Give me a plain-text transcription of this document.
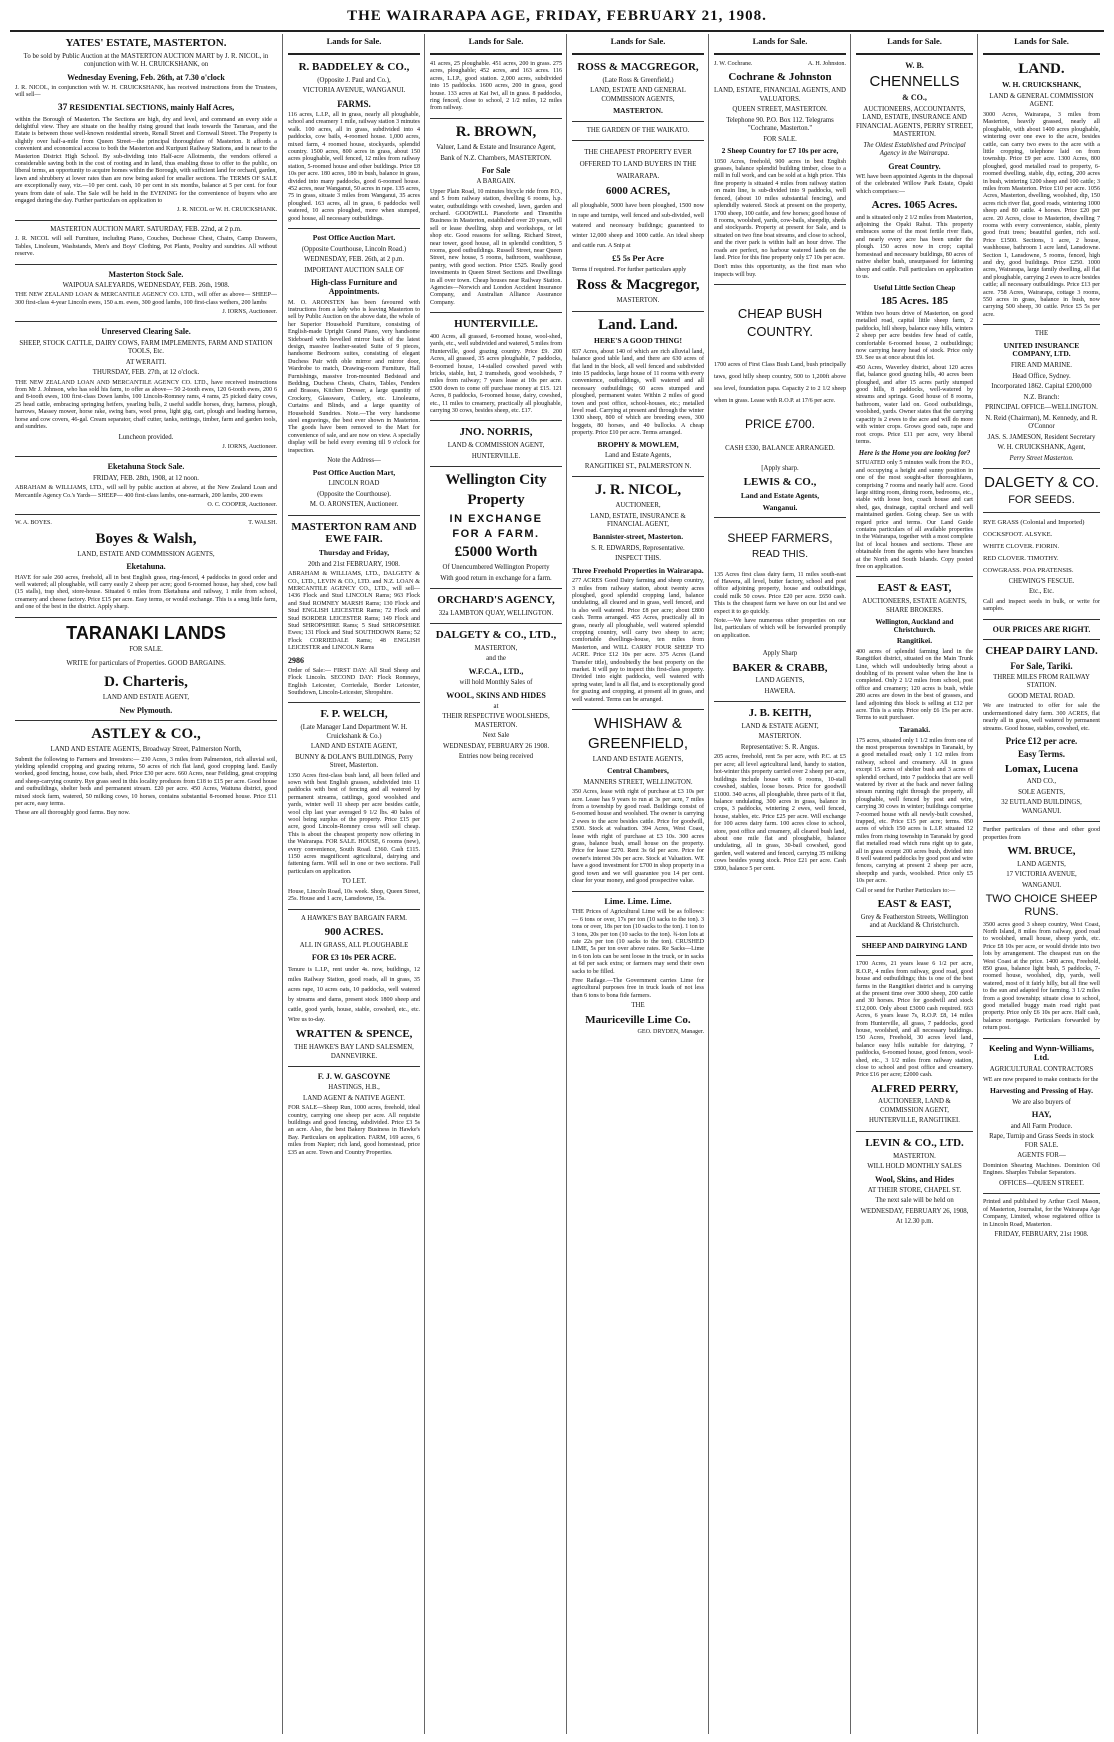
THE WAIRARAPA AGE, FRIDAY, FEBRUARY 21, 1908.
YATES' ESTATE, MASTERTON.
To be sold by Public Auction at the MASTERTON AUCTION MART by J. R. NICOL, in conjunction with W. H. CRUICKSHANK, on
Wednesday Evening, Feb. 26th, at 7.30 o'clock
J. R. NICOL, in conjunction with W. H. CRUICKSHANK, has received instructions from the Trustees, will sell—
37 RESIDENTIAL SECTIONS, mainly Half Acres,
within the Borough of Masterton. The Sections are high, dry and level, and command an every side a delightful view. They are situate on the healthy rising ground that leads towards the Tararuas, and the Estate is between those well-known residential streets, Renall Street and Cornwall Street. The Property is slightly over half-a-mile from Queen Street—the principal thoroughfare of Masterton. It affords a convenient and economical access to both the Masterton and Kuripuni Railway Stations, and is near to the Masterton District High School. By sub-dividing into Half-acre Allotments, the vendors offered a considerable saving both in the cost of rooting and in land, thus enabling those to offer to the public, on liberal terms, an opportunity to acquire homes within the Borough, with sufficient land for orchard, garden, lawn and shrubbery at lower rates than are now being asked for smaller sections. The TERMS OF SALE are exceptionally easy, viz.—10 per cent. cash, 10 per cent in six months, balance at 5 per cent. for four years from date of sale. The Sale will be held in the EVENING for the convenience of buyers who are engaged during the day. Further particulars on application to
J. R. NICOL or W. H. CRUICKSHANK.
MASTERTON AUCTION MART. SATURDAY, FEB. 22nd, at 2 p.m.
J. R. NICOL will sell Furniture, including Piano, Couches, Duchesse Chest, Chairs, Camp Drawers, Tables, Linoleum, Washstands, Men's and Boys' Clothing, Pot Plants, Poultry and sundries. All without reserve.
Masterton Stock Sale.
WAIPOUA SALEYARDS, WEDNESDAY, FEB. 26th, 1908.
THE NEW ZEALAND LOAN & MERCANTILE AGENCY CO. LTD., will offer as above— SHEEP— 300 first-class 4-year Lincoln ewes, 150 a.m. ewes, 300 good lambs, 100 first-class wethers, 200 lambs
J. IORNS, Auctioneer.
Unreserved Clearing Sale.
SHEEP, STOCK CATTLE, DAIRY COWS, FARM IMPLEMENTS, FARM AND STATION TOOLS, Etc.
AT WERAITI.
THURSDAY, FEB. 27th, at 12 o'clock.
THE NEW ZEALAND LOAN AND MERCANTILE AGENCY CO. LTD., have received instructions from Mr J. Johnson, who has sold his farm, to offer as above— 50 2-tooth ewes, 120 6-tooth ewes, 200 6 and 8-tooth ewes, 100 first-class Down lambs, 100 Lincoln-Romney rams, 4 rams, 25 picked dairy cows, 25 head cattle, embracing springing heifers, yearling bulls, 2 useful saddle horses, dray, harness, plough, harrows, Massey mower, horse rake, swing bars, wool press, light gig, cart, plough and leading harness, horse and cow covers, 46-gal. Cream separator, chaff cutter, tanks, nettings, timber, farm and garden tools, and sundries.
Luncheon provided.
J. IORNS, Auctioneer.
Eketahuna Stock Sale.
FRIDAY, FEB. 28th, 1908, at 12 noon.
ABRAHAM & WILLIAMS, LTD., will sell by public auction at above, at the New Zealand Loan and Mercantile Agency Co.'s Yards— SHEEP— 400 first-class lambs, one-earmark, 200 lambs, 200 ewes
O. C. COOPER, Auctioneer.
W. A. BOYES.	T. WALSH.
Boyes & Walsh,
LAND, ESTATE AND COMMISSION AGENTS,
Eketahuna.
HAVE for sale 260 acres, freehold, all in best English grass, ring-fenced, 4 paddocks in good order and well watered; all ploughable, will carry easily 2 sheep per acre; good 6-roomed house, hay shed, cow bail (15 stalls), trap shed, store-house. Situated 6 miles from Eketahuna and railway, 1 mile from school, creamery and cheese factory. Price £15 per acre. Easy terms, or would exchange. This is a snug little farm, and one of the best in the district. Apply sharp.
TARANAKI LANDS
FOR SALE.
WRITE for particulars of Properties. GOOD BARGAINS.
D. Charteris,
LAND AND ESTATE AGENT,
New Plymouth.
ASTLEY & CO.,
LAND AND ESTATE AGENTS, Broadway Street, Palmerston North,
Submit the following to Farmers and Investors:— 230 Acres, 3 miles from Palmerston, rich alluvial soil, yielding splendid cropping and grazing returns, 50 acres of rich flat land, good cropping land. Easily worked, good fencing, house, cow bails, shed. Price £30 per acre. 660 Acres, near Feilding, great cropping and sheep-carrying country. Rye grass seed in this locality produces from £18 to £15 per acre. Good house and outbuildings, shelter beds and permanent stream. £20 per acre. 450 Acres, Waituna district, good mixed stock farm, watered, 50 milking cows, 10 horses, contains substantial 8-roomed house. Price £11 per acre, easy terms.
These are all thoroughly good farms. Buy now.
Lands for Sale.
R. BADDELEY & CO.,
(Opposite J. Paul and Co.),
VICTORIA AVENUE, WANGANUI.
FARMS.
116 acres, L.I.P., all in grass, nearly all ploughable, school and creamery 1 mile, railway station 3 minutes walk. 100 acres, all in grass, subdivided into 4 paddocks, cow bails, 4-roomed house. 1,000 acres, mixed farm, 4 roomed house, stockyards, splendid country. 1500 acres, 800 acres in grass, about 150 acres ploughable, well fenced, 12 miles from railway station, 5-roomed house and other buildings. Price £8 10s per acre. 180 acres, 180 in bush, balance in grass, divided into many paddocks, good 6-roomed house. 452 acres, near Wanganui, 50 acres in rape. 135 acres, 75 in grass, situate 3 miles from Wanganui, 35 acres ploughed. 163 acres, all in grass, 6 paddocks well watered, 10 acres ploughed, more when stumped, good house, all necessary outbuildings.
Post Office Auction Mart.
(Opposite Courthouse, Lincoln Road.)
WEDNESDAY, FEB. 26th, at 2 p.m.
IMPORTANT AUCTION SALE OF
High-class Furniture and Appointments.
M. O. ARONSTEN has been favoured with instructions from a lady who is leaving Masterton to sell by Public Auction on the above date, the whole of her Superior Household Furniture, consisting of English-made Upright Grand Piano, very handsome Sideboard with bevelled mirror back of the latest design, massive leather-seated Suite of 9 pieces, handsome Bedroom suites, consisting of elegant Duchess Pair with oble mirror and mirror door, Wardrobe to match, Drawing-room Furniture, Hall Furnishings, massive Iron-mounted Bedstead and Bedding, Duchess Chests, Chairs, Tables, Fenders and Brasses, Kitchen Dresser, a large quantity of Crockery, Glassware, Cutlery, etc. Linoleums, Curtains and Blinds, and a large quantity of Household Sundries. Note.—The very handsome steel engravings, the best ever shown in Masterton. The goods have been removed to the Mart for convenience of sale, and are now on view. A specially display will be held every evening till 9 o'clock for inspection.
Note the Address—
Post Office Auction Mart,
LINCOLN ROAD
(Opposite the Courthouse).
M. O. ARONSTEN, Auctioneer.
MASTERTON RAM AND EWE FAIR.
Thursday and Friday,
20th and 21st FEBRUARY, 1908.
ABRAHAM & WILLIAMS, LTD., DALGETY & CO., LTD., LEVIN & CO., LTD. and N.Z. LOAN & MERCANTILE AGENCY CO., LTD., will sell— 1436 Flock and Stud LINCOLN Rams; 963 Flock and Stud ROMNEY MARSH Rams; 130 Flock and Stud ENGLISH LEICESTER Rams; 72 Flock and Stud BORDER LEICESTER Rams; 149 Flock and Stud SHROPSHIRE Rams; 5 Stud SHROPSHIRE Ewes; 131 Flock and Stud SOUTHDOWN Rams; 52 Flock CORRIEDALE Rams; 48 ENGLISH LEICESTER and LINCOLN Rams
2986
Order of Sale:— FIRST DAY: All Stud Sheep and Flock Lincoln. SECOND DAY: Flock Romneys, English Leicester, Corriedale, Border Leicester, Southdown, Lincoln-Leicester, Shropshire.
F. P. WELCH,
(Late Manager Land Department W. H. Cruickshank & Co.)
LAND AND ESTATE AGENT,
BUNNY & DOLAN'S BUILDINGS, Perry Street, Masterton.
1350 Acres first-class bush land, all been felled and sown with best English grasses, subdivided into 11 paddocks with best of fencing and all watered by permanent streams, cattlings, good woolshed and yards, winter well 11 sheep per acre besides cattle, wool clip last year averaged 9 1/2 lbs. 40 bales of wool being surplus of the property. Price £15 per acre, good Lincoln-Romney cross will sell cheap. This is about the cheapest property now offering in the Wairarapa. FOR SALE. HOUSE, 6 rooms (new), every convenience, South Road. £360. Cash £115. 1150 acres magnificent agricultural, dairying and fattening farm. Will sell in one or two sections. Full particulars on application.
TO LET.
House, Lincoln Road, 10s week. Shop, Queen Street, 25s. House and 1 acre, Lansdowne, 15s.
A HAWKE'S BAY BARGAIN FARM.
900 ACRES.
ALL IN GRASS, ALL PLOUGHABLE
FOR £3 10s PER ACRE.
Tenure is L.I.P., rent under 4s. now, buildings, 12 miles Railway Station, good roads, all in grass, 35 acres rape, 10 acres oats, 10 paddocks, well watered by streams and dams, present stock 1800 sheep and cattle, good yards, house, stable, cowshed, etc., etc. Wire us to-day.
WRATTEN & SPENCE,
THE HAWKE'S BAY LAND SALESMEN, DANNEVIRKE.
F. J. W. GASCOYNE
HASTINGS, H.B.,
LAND AGENT & NATIVE AGENT.
FOR SALE—Sheep Run, 1000 acres, freehold, ideal country, carrying one sheep per acre. All requisite buildings and good fencing, subdivided. Price £3 5s an acre. Also, the best Bakery Business in Hawke's Bay. Particulars on application. FARM, 169 acres, 6 miles from Napier; rich land, good homestead, price £35 an acre. Town and Country Properties.
Lands for Sale.
41 acres, 25 ploughable. 451 acres, 200 in grass. 275 acres, ploughable; 452 acres, and 163 acres. 116 acres, L.I.P., good station. 2,000 acres, subdivided into 15 paddocks. 1600 acres, 200 in grass, good house. 133 acres at Kai Iwi, all in grass. 8 paddocks, ring fenced, close to school, 2 1/2 miles, 12 miles from railway.
R. BROWN,
Valuer, Land & Estate and Insurance Agent,
Bank of N.Z. Chambers, MASTERTON.
For Sale
A BARGAIN.
Upper Plain Road, 10 minutes bicycle ride from P.O., and 5 from railway station, dwelling 6 rooms, h.p. water, outbuildings with cowshed, lawn, garden and orchard. GOODWILL Pianoforte and Tinsmiths Business in Masterton, established over 20 years, will sell or lease dwelling, shop and workshops, or let shop etc. Good reasons for selling. Richard Street, near tower, good house, all in splendid condition, 5 rooms, good outbuildings. Russell Street, near Queen Street, new house, 5 rooms, bathroom, washhouse, pantry, with good section. Price £525. Really good investments in Queen Street Sections and Dwellings in all over town. Cheap houses near Railway Station. Agencies—Norwich and London Accident Insurance Company, and Australian Alliance Assurance Company.
HUNTERVILLE.
400 Acres, all grassed, 6-roomed house, wool-shed, yards, etc., well subdivided and watered, 5 miles from Hunterville, good grazing country. Price £9. 200 Acres, all grassed, 35 acres ploughable, 7 paddocks, 8-roomed house, 14-stalled cowshed paved with bricks, stable, hut, 2 tramsheds, good woolsheds, 7 miles from railway; 7 years lease at 10s per acre. £500 down to come off purchase money at £15. 121 Acres, 8 paddocks, 6-roomed house, dairy, cowshed, etc., 11 miles to creamery, practically all ploughable, carrying 30 cows, besides sheep, etc. £17.
JNO. NORRIS,
LAND & COMMISSION AGENT,
HUNTERVILLE.
Wellington City
Property
IN EXCHANGE
FOR A FARM.
£5000 Worth
Of Unencumbered Wellington Property
With good return in exchange for a farm.
ORCHARD'S AGENCY,
32a LAMBTON QUAY, WELLINGTON.
DALGETY & CO., LTD.,
MASTERTON,
and the
W.F.C.A., LTD.,
will hold Monthly Sales of
WOOL, SKINS AND HIDES
at
THEIR RESPECTIVE WOOLSHEDS, MASTERTON.
Next Sale
WEDNESDAY, FEBRUARY 26 1908.
Entries now being received
Lands for Sale.
ROSS & MACGREGOR,
(Late Ross & Greenfield,)
LAND, ESTATE AND GENERAL COMMISSION AGENTS,
MASTERTON.
THE GARDEN OF THE WAIKATO.
THE CHEAPEST PROPERTY EVER OFFERED TO LAND BUYERS IN THE WAIRARAPA.
6000 ACRES,
all ploughable, 5000 have been ploughed, 1500 now in rape and turnips, well fenced and sub-divided, well watered and necessary buildings; guaranteed to winter 12,000 sheep and 1000 cattle. An ideal sheep and cattle run. A Snip at
£5 5s Per Acre
Terms if required. For further particulars apply
Ross & Macgregor,
MASTERTON.
Land. Land.
HERE'S A GOOD THING!
837 Acres, about 140 of which are rich alluvial land, balance good table land, and there are 630 acres of flat land in the block, all well fenced and subdivided into 15 paddocks, large house of 11 rooms with every convenience, outbuildings, well watered and all necessary outbuildings; 60 acres stumped and ploughed, permanent water. Within 2 miles of good town and post office, school-houses, etc.; metalled level road. Carrying at present and through the winter 1300 sheep, 800 of which are breeding ewes, 300 hoggets, 80 horses, and 40 bullocks. A cheap property. Price £10 per acre. Terms arranged.
BROPHY & MOWLEM,
Land and Estate Agents,
RANGITIKEI ST., PALMERSTON N.
J. R. NICOL,
AUCTIONEER,
LAND, ESTATE, INSURANCE & FINANCIAL AGENT,
Bannister-street, Masterton.
S. R. EDWARDS, Representative.
INSPECT THIS.
Three Freehold Properties in Wairarapa.
277 ACRES Good Dairy farming and sheep country, 3 miles from railway station, about twenty acres ploughed, good splendid cropping land, balance undulating, all cleared and in grass, well fenced, and is also well watered. Price £8 per acre; about £800 cash. Terms arranged. 455 Acres, practically all in grass, nearly all ploughable, well watered splendid cropping country, will carry two sheep to acre; comfortable dwellings-house, ten miles from Masterton, and WILL CARRY FOUR SHEEP TO ACRE. Price £12 10s per acre. 375 Acres (Land Transfer title), undoubtedly the best property on the market. It will pay to inspect this first-class property. Divided into eight paddocks, well watered with spring water, land is all flat, and is exceptionally good for grazing and cropping, at present all in grass, and well watered. Terms can be arranged.
WHISHAW &
GREENFIELD,
LAND AND ESTATE AGENTS,
Central Chambers,
MANNERS STREET, WELLINGTON.
350 Acres, lease with right of purchase at £3 10s per acre. Lease has 9 years to run at 3s per acre, 7 miles from a township by good road. Buildings consist of 6-roomed house and woolshed. The owner is carrying 2 ewes to the acre besides cattle. Price for goodwill, £500. Stock at valuation. 394 Acres, West Coast, lease with right of purchase at £3 10s. 300 acres grass, balance bush, small house on the property. Price for lease £270. Rent 3s 6d per acre. Price for owner's interest 30s per acre. Stock at Valuation. WE have a good investment for £700 in shop property in a good town and we will guarantee you 14 per cent. clear for your money, and good prospective value.
Lime. Lime. Lime.
THE Prices of Agricultural Lime will be as follows:— 6 tons or over, 17s per ton (10 sacks to the ton). 3 tons or over, 18s per ton (10 sacks to the ton). 1 ton to 3 tons, 20s per ton (10 sacks to the ton). ¾-ton lots at rate 22s per ton (10 sacks to the ton). CRUSHED LIME, 5s per ton over above rates. Re Sacks—Lime in 6 ton lots can be sent loose in the truck, or in sacks at 6d per sack extra; or farmers may send their own sacks to be filled.
Free Railage.—The Government carries Lime for agricultural purposes free in truck loads of not less than 6 tons to bona fide farmers.
THE
Mauriceville Lime Co.
GEO. DRYDEN, Manager.
Lands for Sale.
J. W. Cochrane.	A. H. Johnston.
Cochrane & Johnston
LAND, ESTATE, FINANCIAL AGENTS, AND VALUATORS.
QUEEN STREET, MASTERTON.
Telephone 90. P.O. Box 112. Telegrams "Cochrane, Masterton."
FOR SALE.
2 Sheep Country for £7 10s per acre,
1050 Acres, freehold, 900 acres in best English grasses, balance splendid building timber, close to a mill in full work, and can be sold at a high price. This fine property is situated 4 miles from railway station on main line, is sub-divided into 9 paddocks, well fenced, (about 10 miles substantial fencing), and splendidly watered. Stock at present on the property, 1700 sheep, 100 cattle, and few horses; good house of 8 rooms, woolshed, yards, cow-bails, sheepdip, sheds and stockyards. Property at present for Sale, and is situated on two fine boat streams, and close to school, and the river park is within half an hour drive. The roads are perfect, no harbour watered lands on the land. Price for this fine property only £7 10s per acre.
Don't miss this opportunity, as the first man who inspects will buy.
CHEAP BUSH
COUNTRY.
1700 acres of First Class Bush Land, bush principally taws, good hilly sheep country, 500 to 1,200ft above sea level, foundation papa. Capacity 2 to 2 1/2 sheep when in grass. Lease with R.O.P. at 17/6 per acre.
PRICE £700.
CASH £330, BALANCE ARRANGED.
[Apply sharp.
LEWIS & CO.,
Land and Estate Agents,
Wanganui.
SHEEP FARMERS,
READ THIS.
135 Acres first class dairy farm, 11 miles south-east of Hawera, all level, butter factory, school and post office adjoining property, house and outbuildings, could milk 50 cows. Price £20 per acre. £650 cash. This is the cheapest farm we have on our list and we expect it to go quickly.
Note.—We have numerous other properties on our list, particulars of which will be forwarded promptly on application.
Apply Sharp
BAKER & CRABB,
LAND AGENTS,
HAWERA.
J. B. KEITH,
LAND & ESTATE AGENT,
MASTERTON.
Representative: S. R. Angus.
205 acres, freehold, rent 5s per acre, with P.C. at £5 per acre; all level agricultural land, handy to station, hot-winter this property carried over 2 sheep per acre, buildings include house with 6 rooms, 10-stall cowshed, stables, loose boxes. Price for goodwill £1000. 340 acres, all ploughable, three parts of it flat, balance undulating, 300 acres in grass, balance in crops, 3 paddocks, wintering 2 ewes, well fenced, house, stables, etc. Price £25 per acre. Will exchange for 100 acres dairy farm. 100 acres close to school, store, post office and creamery, all cleared bush land, about one mile flat and ploughable, balance undulating, all in grass, 30-bail cowshed, good garden, well watered and fenced, carrying 35 milking cows besides young stock. Price £21 per acre. Cash £800, balance 5 per cent.
Lands for Sale.
W. B.
CHENNELLS
& CO.,
AUCTIONEERS, ACCOUNTANTS, LAND, ESTATE, INSURANCE AND FINANCIAL AGENTS, PERRY STREET, MASTERTON.
The Oldest Established and Principal Agency in the Wairarapa.
Great Country.
WE have been appointed Agents in the disposal of the celebrated Willow Park Estate, Opaki which comprises:—
Acres. 1065 Acres.
and is situated only 2 1/2 miles from Masterton, adjoining the Opaki Rahui. This property embraces some of the most fertile river flats, and nearly every acre has been under the plough. 150 acres now in crop; capital homestead and necessary buildings, 80 acres of native shelter bush, unsurpassed for fattening sheep and cattle. Full particulars on application to us.
Useful Little Section Cheap
185 Acres. 185
Within two hours drive of Masterton, on good metalled road, capital little sheep farm, 2 paddocks, hill sheep, balance easy hills, winters 2 sheep per acre besides few head of cattle, comfortable 6-roomed house, 2 outbuildings; now carrying heavy head of stock. Price only £9. See us at once about this lot.
450 Acres, Waverley district, about 120 acres flat, balance good grazing hills, 40 acres been ploughed, and after 15 acres partly stumped good hills, 8 paddocks, well-watered by streams and springs. Good house of 8 rooms, bathroom, water laid on. Good outbuildings, woolshed, yards. Owner states that the carrying capacity is 2 ewes to the acre and will do more with winter crops. Grows good oats, rape and root crops. Price £11 per acre, very liberal terms.
Here is the Home you are looking for?
SITUATED only 5 minutes walk from the P.O., and occupying a height and sunny position in one of the most sought-after thoroughfares, comprising 7 rooms and nearly half acre. Good large sitting room, dining room, bedrooms, etc., stable with loose box, coach house and cart shed, gas, drainage, capital orchard and well maintained garden. Going cheap. See us with regard price and terms. Our Land Guide contains particulars of all available properties in the Wairarapa, together with a most complete list of local houses and sections. These are obtainable from the agents who have branches at the North and South Islands. Copy posted free on application.
EAST & EAST,
AUCTIONEERS, ESTATE AGENTS, SHARE BROKERS.
Wellington, Auckland and Christchurch.
Rangitikei.
400 acres of splendid farming land in the Rangitikei district, situated on the Main Trunk Line, which will undoubtedly bring about a doubling of its present value when the line is completed. Only 2 1/2 miles from school, post office and creamery; 120 acres is bush, while 280 acres are down in the best of grasses, and land adjoining this block is selling at £12 per acre. This is a snip. Price only £6 15s per acre. Terms to suit purchaser.
Taranaki.
175 acres, situated only 1 1/2 miles from one of the most prosperous townships in Taranaki, by a good metalled road; only 1 1/2 miles from railway, school and creamery. All in grass except 15 acres of shelter bush and 3 acres of splendid orchard, into 7 paddocks that are well watered by river at the back and never failing stream running right through the property, all ploughable, well fenced by post and wire, carrying 30 cows in winter; buildings comprise 7-roomed house with all newly-built cowshed, trapped, etc. Price £15 per acre; terms. 850 acres of which 150 acres is L.I.P. situated 12 miles from rising township in Taranaki by good flat metalled road which runs right up to gate, all in grass except 200 acres bush, divided into 8 well watered paddocks by good post and wire fences, carrying at present 2 sheep per acre, sheepdip and yards, woolshed. Price only £5 10s per acre.
Call or send for Further Particulars to:—
EAST & EAST,
Grey & Featherston Streets, Wellington and at Auckland & Christchurch.
SHEEP AND DAIRYING LAND
1700 Acres, 21 years lease 6 1/2 per acre, R.O.P., 4 miles from railway, good road, good house and outbuildings; this is one of the best farms in the Rangitikei district and is carrying at the present time over 3000 sheep, 200 cattle and 30 horses. Price for goodwill and stock £12,000. Only about £3000 cash required. 663 Acres, 6 years lease 7s, R.O.P. £8, 14 miles from Hunterville, all grass, 7 paddocks, good house, woolshed, and all necessary buildings. 150 Acres, Freehold, 30 acres level land, balance easy hills suitable for dairying, 7 paddocks, 6-roomed house, good fences, wool-shed, etc., 3 1/2 miles from railway station, close to school and post office and creamery. Price £16 per acre; £2000 cash.
ALFRED PERRY,
AUCTIONEER, LAND & COMMISSION AGENT,
HUNTERVILLE, RANGITIKEI.
LEVIN & CO., LTD.
MASTERTON.
WILL HOLD MONTHLY SALES
Wool, Skins, and Hides
AT THEIR STORE, CHAPEL ST.
The next sale will be held on
WEDNESDAY, FEBRUARY 26, 1908,
At 12.30 p.m.
Lands for Sale.
LAND.
W. H. CRUICKSHANK,
LAND & GENERAL COMMISSION AGENT.
3000 Acres, Wairarapa, 3 miles from Masterton, heavily grassed, nearly all ploughable, with about 1400 acres ploughable, wintering over one ewe to the acre, besides cattle, can carry two ewes to the acre with a little cropping, telephone laid on from township. Price £9 per acre. 1300 Acres, 800 ploughed, good metalled road to property, 6-roomed dwelling, stable, dip, ecting, 200 acres in bush, wintering 1200 sheep and 100 cattle; 3 miles from Masterton. Price £10 per acre. 1056 Acres, Masterton, dwelling, woolshed, dip, 150 acres rich river flat, good roads, wintering 1000 sheep and 80 cattle. 4 horses. Price £20 per acre. 20 Acres, close to Masterton, dwelling 7 rooms with every convenience, stable, plenty good fruit trees; beautiful garden, rich soil. Price £1500. Sections, 1 acre, 2 house, washhouse, bathroom 1 acre land, Lansdowne. Section 1, Lansdowne, 5 rooms, fenced, high and dry, good buildings. Price £250. 1000 acres, Wairarapa, large family dwelling, all flat and ploughable, carrying 2 ewes to acre besides cattle; all necessary outbuildings. Price £13 per acre. 758 Acres, Wairarapa, cottage 3 rooms, 550 acres in grass, balance in bush, now carrying 500 sheep, 30 cattle. Price £5 5s per acre.
THE
UNITED INSURANCE COMPANY, LTD.
FIRE AND MARINE.
Head Office, Sydney.
Incorporated 1862. Capital £200,000
N.Z. Branch:
PRINCIPAL OFFICE—WELLINGTON.
N. Reid (Chairman), M. Kennedy, and R. O'Connor
JAS. S. JAMESON, Resident Secretary
W. H. CRUICKSHANK, Agent,
Perry Street Masterton.
DALGETY & CO.
FOR SEEDS.
RYE GRASS (Colonial and Imported)
COCKSFOOT. ALSYKE.
WHITE CLOVER. FIORIN.
RED CLOVER. TIMOTHY.
COWGRASS. POA PRATENSIS.
CHEWING'S FESCUE.
Etc., Etc.
Call and inspect seeds in bulk, or write for samples.
OUR PRICES ARE RIGHT.
CHEAP DAIRY LAND.
For Sale, Tariki.
THREE MILES FROM RAILWAY STATION.
GOOD METAL ROAD.
We are instructed to offer for sale the undermentioned dairy farm. 300 ACRES, flat nearly all in grass, well watered by permanent streams. Good house, stables, cowshed, etc.
Price £12 per acre.
Easy Terms.
Lomax, Lucena
AND CO.,
SOLE AGENTS,
32 EUTLAND BUILDINGS, WANGANUI.
Further particulars of these and other good properties from
WM. BRUCE,
LAND AGENTS,
17 VICTORIA AVENUE,
WANGANUI.
TWO CHOICE SHEEP RUNS.
3500 acres good 3 sheep country, West Coast, North Island, 8 miles from railway, good road to woolshed, small house, sheep yards, etc. Price £8 10s per acre, or would divide into two lots by arrangement. The cheapest run on the West Coast at the price. 1400 acres, Freehold, 850 grass, balance light bush, 5 paddocks, 7-roomed house, woolshed, dip, yards, well watered, most of it fairly hilly, but all fine well to the sun and adapted for farming. 3 1/2 miles from a good township; situate close to school, good metalled buggy main road right past property. Price only £6 10s per acre. Half cash, balance mortgage. Particulars forwarded by return post.
Keeling and Wynn-Williams, Ltd.
AGRICULTURAL CONTRACTORS
WE are now prepared to make contracts for the
Harvesting and Pressing of Hay.
We are also buyers of
HAY,
and All Farm Produce.
Rape, Turnip and Grass Seeds in stock FOR SALE.
AGENTS FOR—
Dominion Shearing Machines. Dominion Oil Engines. Sharples Tubular Separators.
OFFICES—QUEEN STREET.
Printed and published by Arthur Cecil Mason, of Masterton, Journalist, for the Wairarapa Age Company, Limited, whose registered office is in Lincoln Road, Masterton.
FRIDAY, FEBRUARY, 21st 1908.
